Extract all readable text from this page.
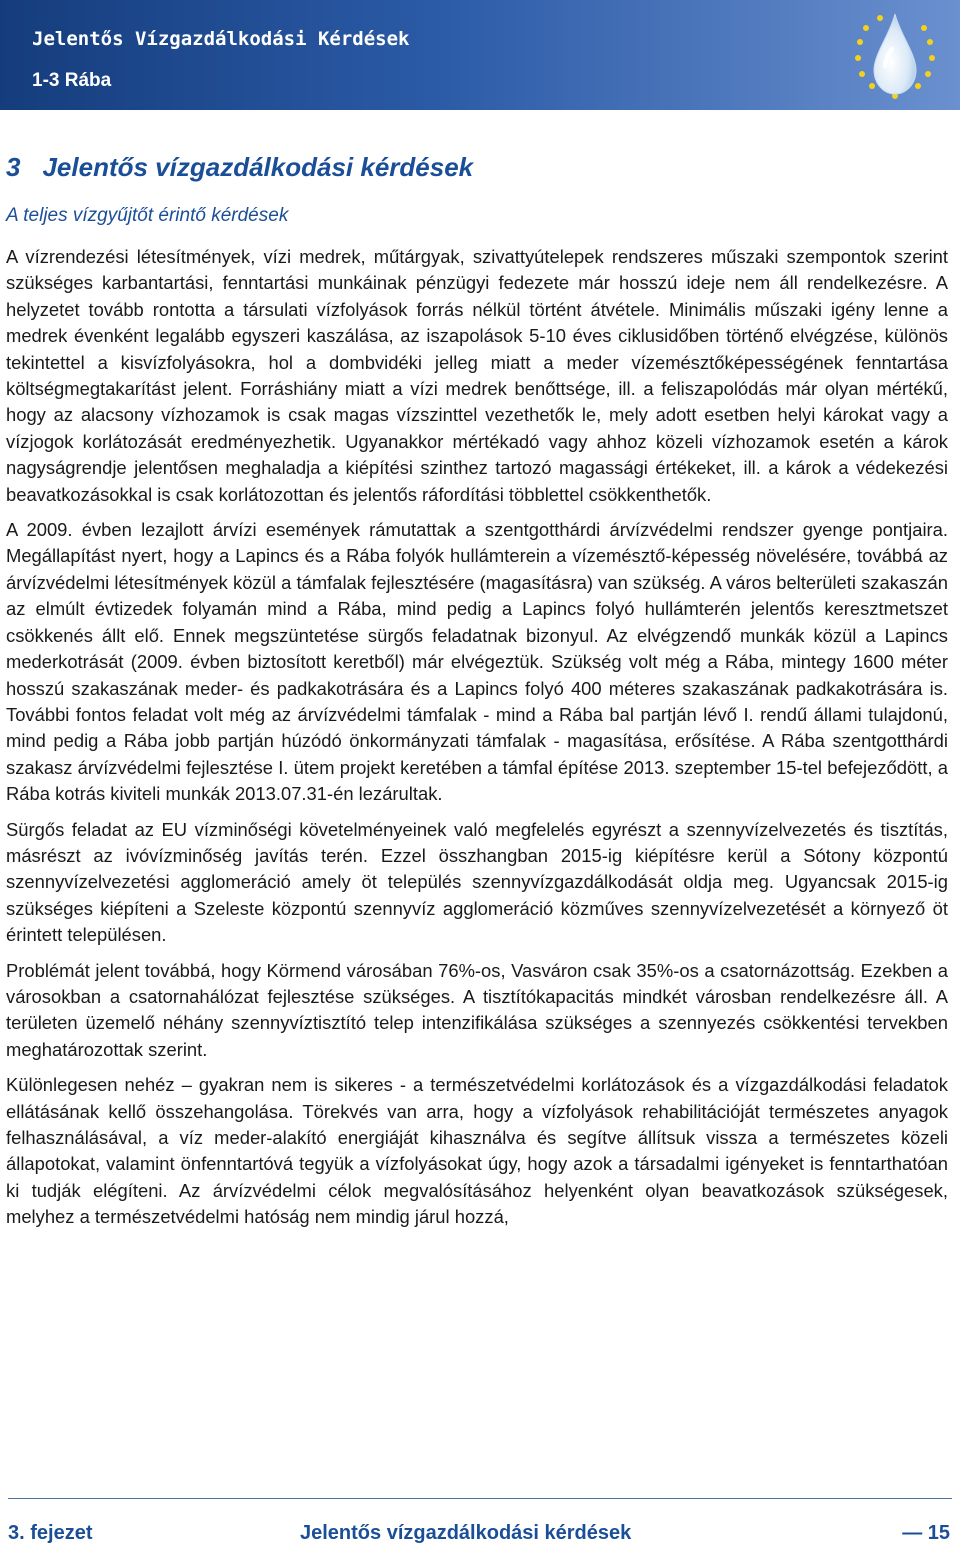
Jelentős Vízgazdálkodási Kérdések
1-3 Rába
3 Jelentős vízgazdálkodási kérdések
A teljes vízgyűjtőt érintő kérdések

A vízrendezési létesítmények, vízi medrek, műtárgyak, szivattyútelepek rendszeres műszaki szempontok szerint szükséges karbantartási, fenntartási munkáinak pénzügyi fedezete már hosszú ideje nem áll rendelkezésre. A helyzetet tovább rontotta a társulati vízfolyások forrás nélkül történt átvétele. Minimális műszaki igény lenne a medrek évenként legalább egyszeri kaszálása, az iszapolások 5-10 éves ciklusidőben történő elvégzése, különös tekintettel a kisvízfolyásokra, hol a dombvidéki jelleg miatt a meder vízemésztőképességének fenntartása költségmegtakarítást jelent. Forráshiány miatt a vízi medrek benőttsége, ill. a feliszapolódás már olyan mértékű, hogy az alacsony vízhozamok is csak magas vízszinttel vezethetők le, mely adott esetben helyi károkat vagy a vízjogok korlátozását eredményezhetik. Ugyanakkor mértékadó vagy ahhoz közeli vízhozamok esetén a károk nagyságrendje jelentősen meghaladja a kiépítési szinthez tartozó magassági értékeket, ill. a károk a védekezési beavatkozásokkal is csak korlátozottan és jelentős ráfordítási többlettel csökkenthetők.

A 2009. évben lezajlott árvízi események rámutattak a szentgotthárdi árvízvédelmi rendszer gyenge pontjaira. Megállapítást nyert, hogy a Lapincs és a Rába folyók hullámterein a vízemésztő-képesség növelésére, továbbá az árvízvédelmi létesítmények közül a támfalak fejlesztésére (magasításra) van szükség. A város belterületi szakaszán az elmúlt évtizedek folyamán mind a Rába, mind pedig a Lapincs folyó hullámterén jelentős keresztmetszet csökkenés állt elő. Ennek megszüntetése sürgős feladatnak bizonyul. Az elvégzendő munkák közül a Lapincs mederkotrását (2009. évben biztosított keretből) már elvégeztük. Szükség volt még a Rába, mintegy 1600 méter hosszú szakaszának meder- és padkakotrására és a Lapincs folyó 400 méteres szakaszának padkakotrására is. További fontos feladat volt még az árvízvédelmi támfalak - mind a Rába bal partján lévő I. rendű állami tulajdonú, mind pedig a Rába jobb partján húzódó önkormányzati támfalak - magasítása, erősítése. A Rába szentgotthárdi szakasz árvízvédelmi fejlesztése I. ütem projekt keretében a támfal építése 2013. szeptember 15-tel befejeződött, a Rába kotrás kiviteli munkák 2013.07.31-én lezárultak.

Sürgős feladat az EU vízminőségi követelményeinek való megfelelés egyrészt a szennyvízelvezetés és tisztítás, másrészt az ivóvízminőség javítás terén. Ezzel összhangban 2015-ig kiépítésre kerül a Sótony központú szennyvízelvezetési agglomeráció amely öt település szennyvízgazdálkodását oldja meg. Ugyancsak 2015-ig szükséges kiépíteni a Szeleste központú szennyvíz agglomeráció közműves szennyvízelvezetését a környező öt érintett településen.

Problémát jelent továbbá, hogy Körmend városában 76%-os, Vasváron csak 35%-os a csatornázottság. Ezekben a városokban a csatornahálózat fejlesztése szükséges. A tisztítókapacitás mindkét városban rendelkezésre áll. A területen üzemelő néhány szennyvíztisztító telep intenzifikálása szükséges a szennyezés csökkentési tervekben meghatározottak szerint.

Különlegesen nehéz – gyakran nem is sikeres - a természetvédelmi korlátozások és a vízgazdálkodási feladatok ellátásának kellő összehangolása. Törekvés van arra, hogy a vízfolyások rehabilitációját természetes anyagok felhasználásával, a víz meder-alakító energiáját kihasználva és segítve állítsuk vissza a természetes közeli állapotokat, valamint önfenntartóvá tegyük a vízfolyásokat úgy, hogy azok a társadalmi igényeket is fenntarthatóan ki tudják elégíteni. Az árvízvédelmi célok megvalósításához helyenként olyan beavatkozások szükségesek, melyhez a természetvédelmi hatóság nem mindig járul hozzá,

3. fejezet	Jelentős vízgazdálkodási kérdések	— 15
